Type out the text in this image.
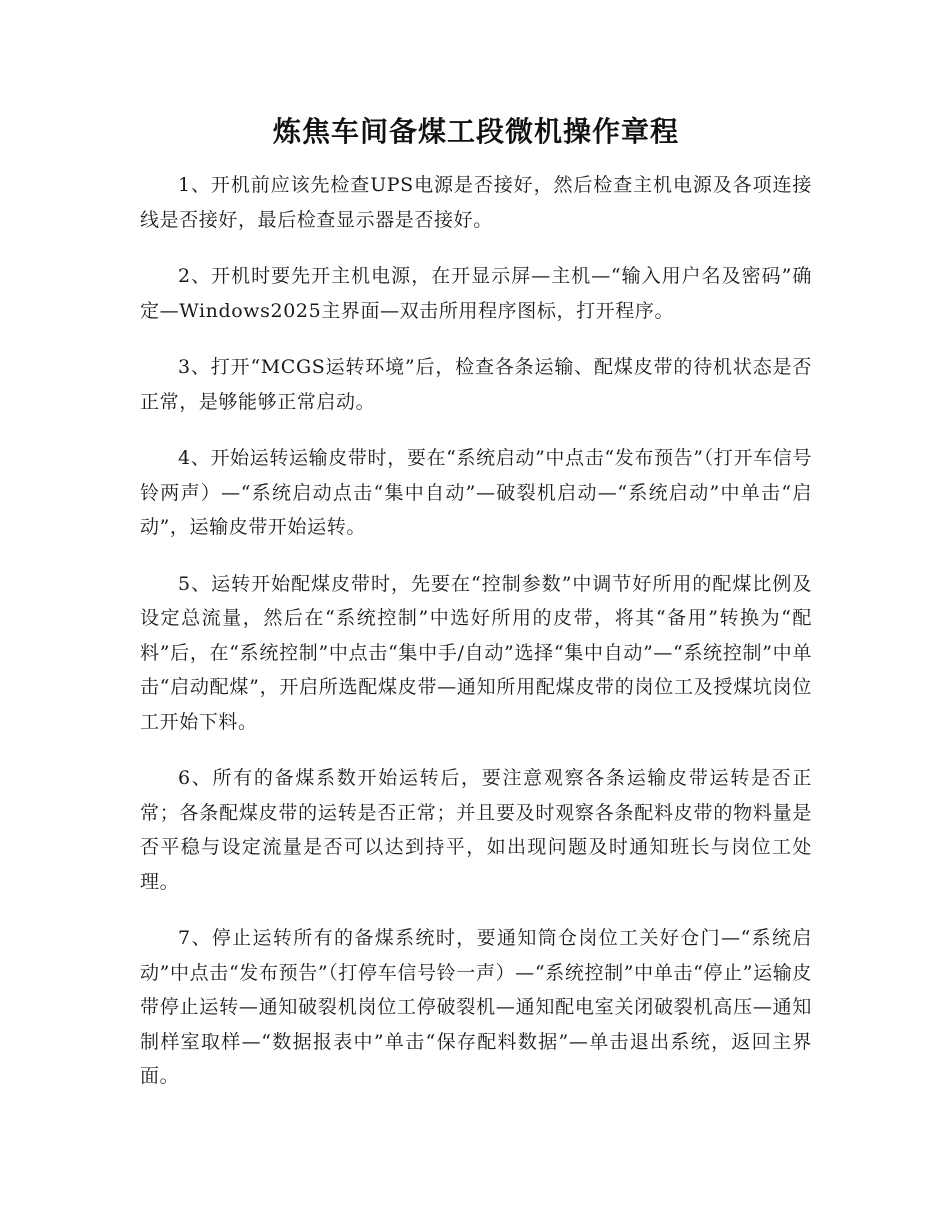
炼焦车间备煤工段微机操作章程

1、开机前应该先检查UPS电源是否接好，然后检查主机电源及各项连接线是否接好，最后检查显示器是否接好。

2、开机时要先开主机电源，在开显示屏—主机—“输入用户名及密码”确定—Windows2025主界面—双击所用程序图标，打开程序。

3、打开“MCGS运转环境”后，检查各条运输、配煤皮带的待机状态是否正常，是够能够正常启动。

4、开始运转运输皮带时，要在“系统启动”中点击“发布预告”（打开车信号铃两声）—“系统启动点击“集中自动”—破裂机启动—“系统启动”中单击“启动”，运输皮带开始运转。

5、运转开始配煤皮带时，先要在“控制参数”中调节好所用的配煤比例及设定总流量，然后在“系统控制”中选好所用的皮带，将其“备用”转换为“配料”后，在“系统控制”中点击“集中手/自动”选择“集中自动”—“系统控制”中单击“启动配煤”，开启所选配煤皮带—通知所用配煤皮带的岗位工及授煤坑岗位工开始下料。

6、所有的备煤系数开始运转后，要注意观察各条运输皮带运转是否正常；各条配煤皮带的运转是否正常；并且要及时观察各条配料皮带的物料量是否平稳与设定流量是否可以达到持平，如出现问题及时通知班长与岗位工处理。

7、停止运转所有的备煤系统时，要通知筒仓岗位工关好仓门—“系统启动”中点击“发布预告”（打停车信号铃一声）—“系统控制”中单击“停止”运输皮带停止运转—通知破裂机岗位工停破裂机—通知配电室关闭破裂机高压—通知制样室取样—“数据报表中”单击“保存配料数据”—单击退出系统，返回主界面。
